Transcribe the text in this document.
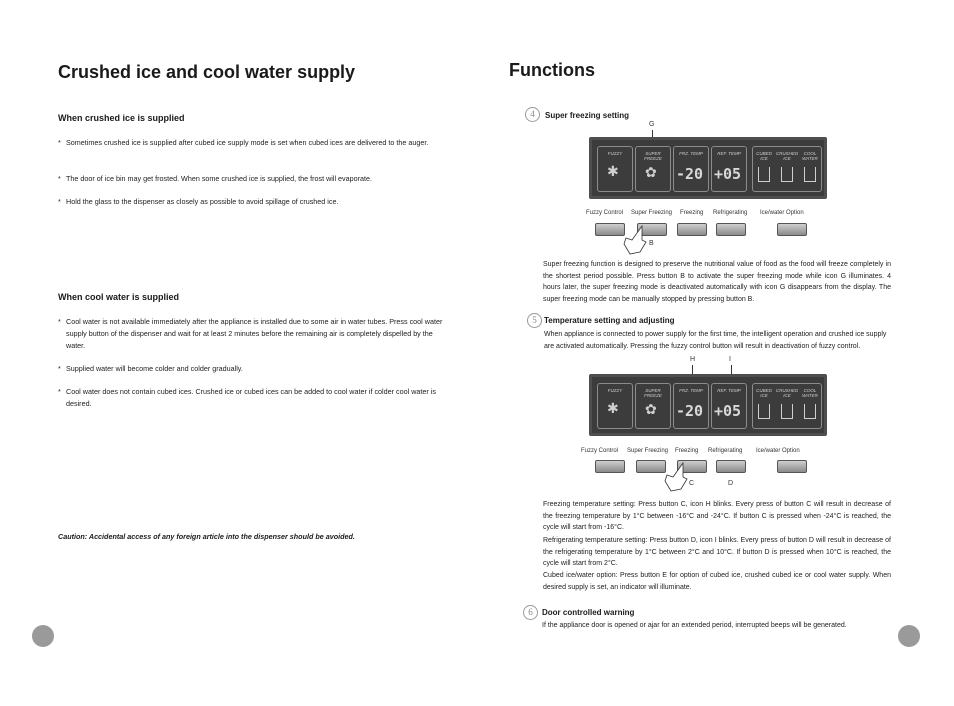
Crushed ice and cool water supply
When crushed ice is supplied
* Sometimes crushed ice is supplied after cubed ice supply mode is set when cubed ices are delivered to the auger.
* The door of ice bin may get frosted. When some crushed ice is supplied, the frost will evaporate.
* Hold the glass to the dispenser as closely as possible to avoid spillage of crushed ice.
When cool water is supplied
* Cool water is not available immediately after the appliance is installed due to some air in water tubes. Press cool water supply button of the dispenser and wait for at least 2 minutes before the remaining air is completely dispelled by the water.
* Supplied water will become colder and colder gradually.
* Cool water does not contain cubed ices. Crushed ice or cubed ices can be added to cool water if colder cool water is desired.
Caution: Accidental access of any foreign article into the dispenser should be avoided.
Functions
4	Super freezing setting
G
FUZZY
✱
SUPER FREEZE
✿
FRZ. TEMP
-20
REF. TEMP
+05
CUBED ICE
CRUSHED ICE
COOL WATER
Fuzzy Control Super Freezing Freezing Refrigerating Ice/water Option
B
Super freezing function is designed to preserve the nutritional value of food as the food will freeze completely in the shortest period possible. Press button B to activate the super freezing mode while icon G illuminates. 4 hours later, the super freezing mode is deactivated automatically with icon G disappears from the display. The super freezing mode can be manually stopped by pressing button B.
5 Temperature setting and adjusting
When appliance is connected to power supply for the first time, the intelligent operation and crushed ice supply are activated automatically. Pressing the fuzzy control button will result in deactivation of fuzzy control.
H	I
FUZZY
✱
SUPER FREEZE
✿
FRZ. TEMP
-20
REF. TEMP
+05
CUBED ICE
CRUSHED ICE
COOL WATER
Fuzzy Control Super Freezing Freezing Refrigerating Ice/water Option
C	D
Freezing temperature setting: Press button C, icon H blinks. Every press of button C will result in decrease of the freezing temperature by 1°C between -16°C and -24°C. If button C is pressed when -24°C is reached, the cycle will start from -16°C.
Refrigerating temperature setting: Press button D, icon I blinks. Every press of button D will result in decrease of the refrigerating temperature by 1°C between 2°C and 10°C. If button D is pressed when 10°C is reached, the cycle will start from 2°C.
Cubed ice/water option: Press button E for option of cubed ice, crushed cubed ice or cool water supply. When desired supply is set, an indicator will illuminate.
6	Door controlled warning
If the appliance door is opened or ajar for an extended period, interrupted beeps will be generated.
